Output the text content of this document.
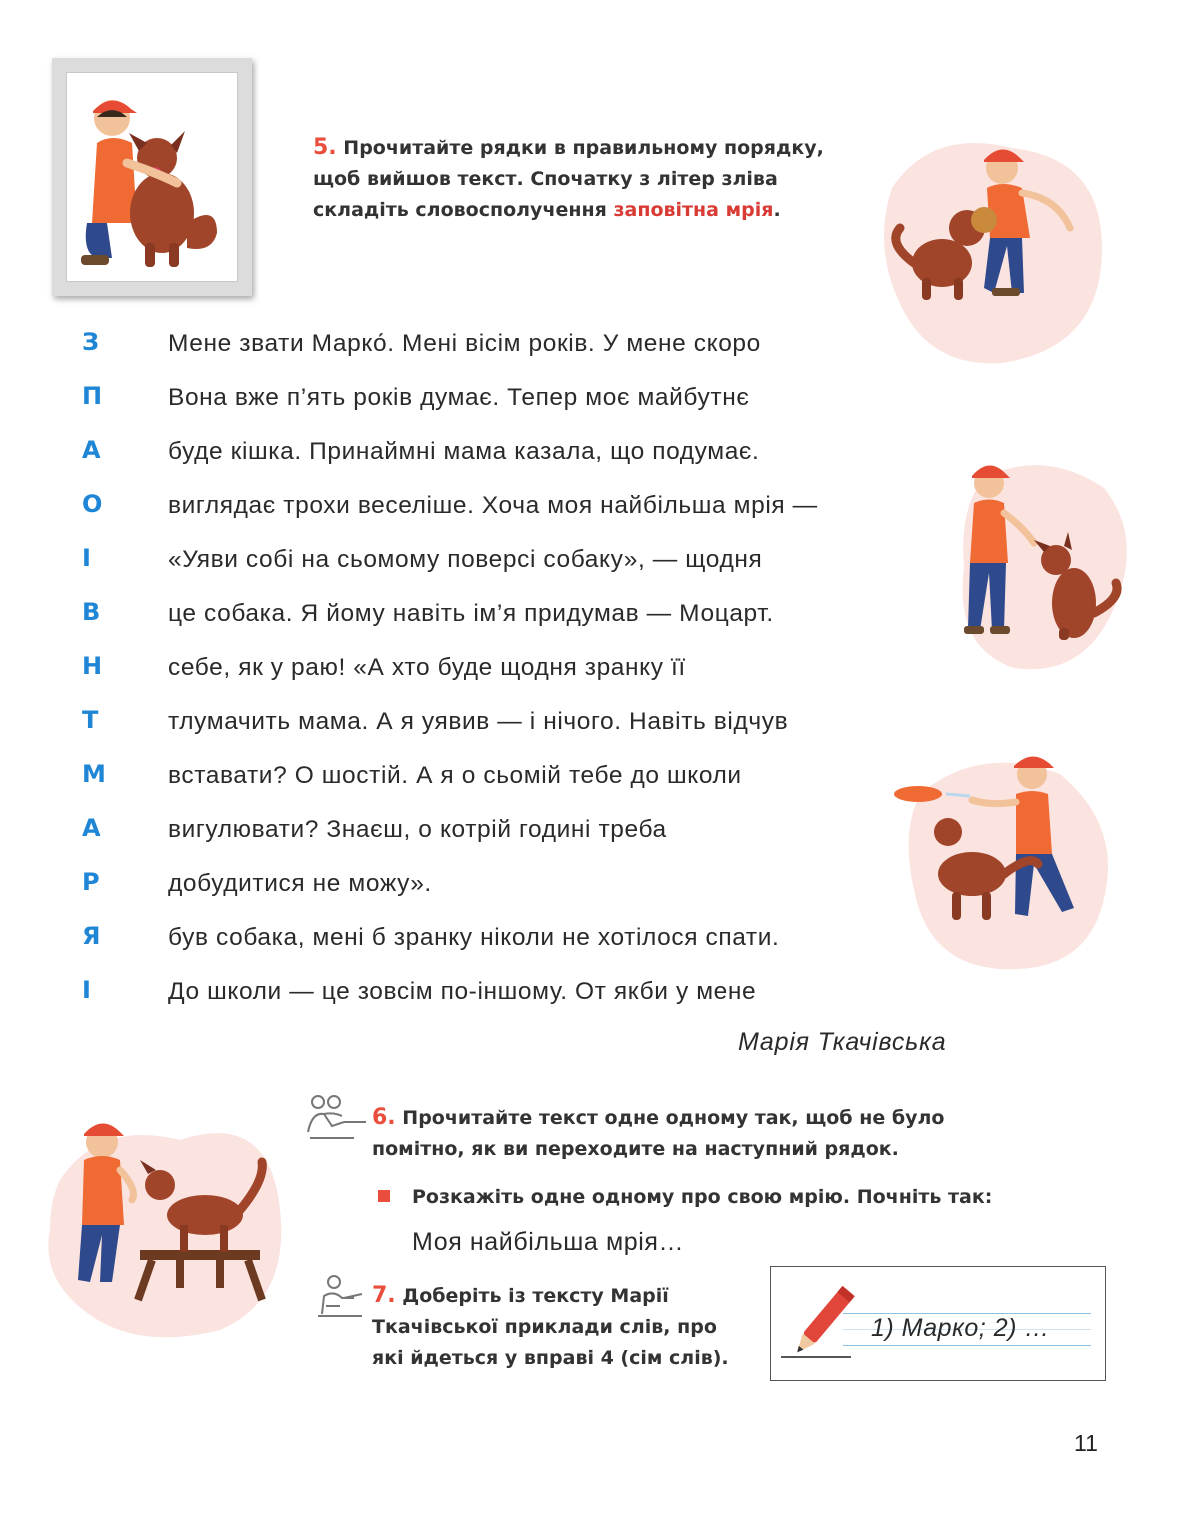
5. Прочитайте рядки в правильному порядку, щоб вийшов текст. Спочатку з літер зліва складіть словосполучення заповітна мрія.
З
П
А
О
І
В
Н
Т
М
А
Р
Я
І
Мене звати Марко́. Мені вісім років. У мене скоро
Вона вже п’ять років думає. Тепер моє майбутнє
буде кішка. Принаймні мама казала, що подумає.
виглядає трохи веселіше. Хоча моя найбільша мрія —
«Уяви собі на сьомому поверсі собаку», — щодня
це собака. Я йому навіть ім’я придумав — Моцарт.
себе, як у раю! «А хто буде щодня зранку її
тлумачить мама. А я уявив — і нічого. Навіть відчув
вставати? О шостій. А я о сьомій тебе до школи
вигулювати? Знаєш, о котрій годині треба
добудитися не можу».
був собака, мені б зранку ніколи не хотілося спати.
До школи — це зовсім по-іншому. От якби у мене
Марія Ткачівська
6. Прочитайте текст одне одному так, щоб не було помітно, як ви переходите на наступний рядок.
Розкажіть одне одному про свою мрію. Почніть так:
Моя найбільша мрія…
7. Доберіть із тексту Марії Ткачівської приклади слів, про які йдеться у вправі 4 (сім слів).
1) Марко; 2) …
11
